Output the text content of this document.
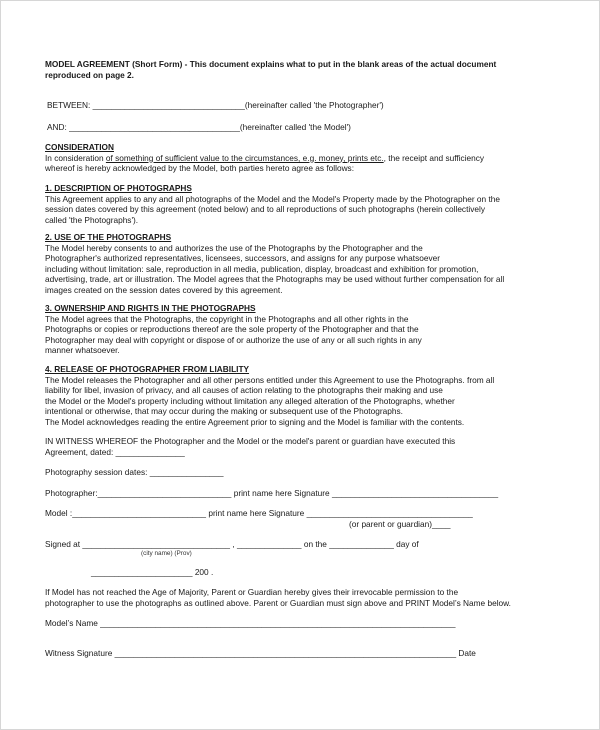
MODEL AGREEMENT (Short Form) - This document explains what to put in the blank areas of the actual document
reproduced on page 2.
BETWEEN: _________________________________(hereinafter called 'the Photographer')
AND: _____________________________________(hereinafter called 'the Model')
CONSIDERATION
In consideration of something of sufficient value to the circumstances, e.g. money, prints etc., the receipt and sufficiency
whereof is hereby acknowledged by the Model, both parties hereto agree as follows:
1. DESCRIPTION OF PHOTOGRAPHS
This Agreement applies to any and all photographs of the Model and the Model's Property made by the Photographer on the
session dates covered by this agreement (noted below) and to all reproductions of such photographs (herein collectively
called 'the Photographs').
2. USE OF THE PHOTOGRAPHS
The Model hereby consents to and authorizes the use of the Photographs by the Photographer and the
Photographer's authorized representatives, licensees, successors, and assigns for any purpose whatsoever
including without limitation: sale, reproduction in all media, publication, display, broadcast and exhibition for promotion,
advertising, trade, art or illustration. The Model agrees that the Photographs may be used without further compensation for all
images created on the session dates covered by this agreement.
3. OWNERSHIP AND RIGHTS IN THE PHOTOGRAPHS
The Model agrees that the Photographs, the copyright in the Photographs and all other rights in the
Photographs or copies or reproductions thereof are the sole property of the Photographer and that the
Photographer may deal with copyright or dispose of or authorize the use of any or all such rights in any
manner whatsoever.
4. RELEASE OF PHOTOGRAPHER FROM LIABILITY
The Model releases the Photographer and all other persons entitled under this Agreement to use the Photographs. from all
liability for libel, invasion of privacy, and all causes of action relating to the photographs their making and use
the Model or the Model's property including without limitation any alleged alteration of the Photographs, whether
intentional or otherwise, that may occur during the making or subsequent use of the Photographs.
The Model acknowledges reading the entire Agreement prior to signing and the Model is familiar with the contents.
IN WITNESS WHEREOF the Photographer and the Model or the model's parent or guardian have executed this
Agreement, dated: _______________
Photography session dates: ________________
Photographer:_____________________________ print name here Signature ____________________________________
Model :_____________________________ print name here Signature ____________________________________
(or parent or guardian)____
Signed at ________________________________ , ______________ on the ______________ day of
(city name) (Prov)
______________________ 200 .
If Model has not reached the Age of Majority, Parent or Guardian hereby gives their irrevocable permission to the
photographer to use the photographs as outlined above. Parent or Guardian must sign above and PRINT Model’s Name below.
Model’s Name _____________________________________________________________________________
Witness Signature __________________________________________________________________________ Date
